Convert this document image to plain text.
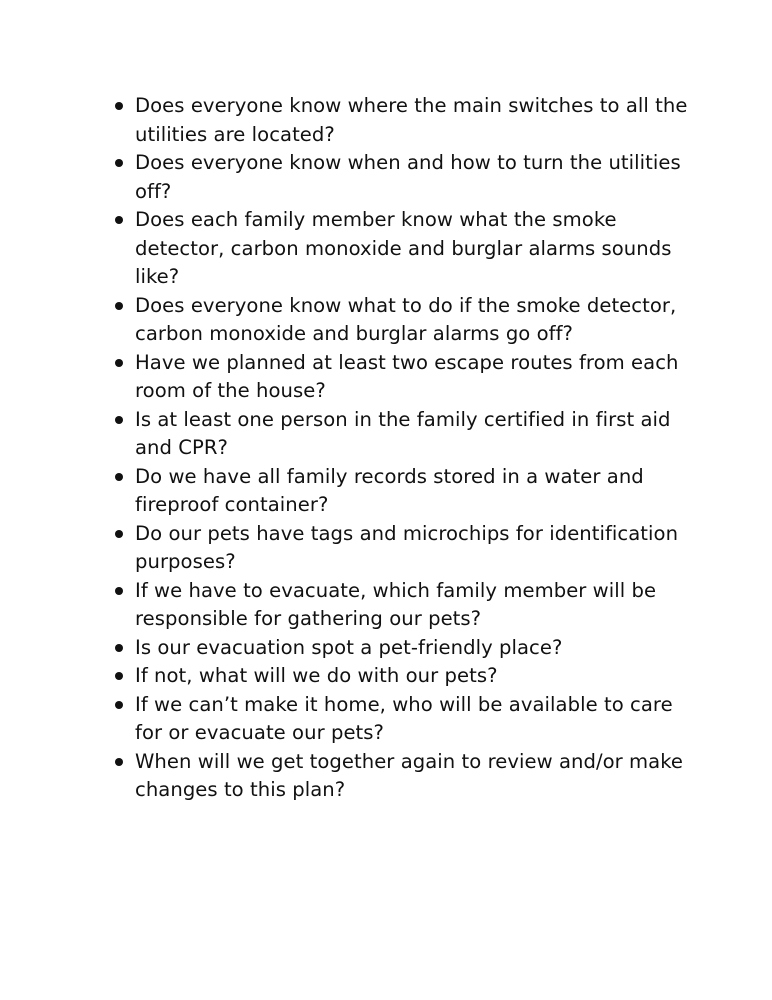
Does everyone know where the main switches to all the utilities are located?
Does everyone know when and how to turn the utilities off?
Does each family member know what the smoke detector, carbon monoxide and burglar alarms sounds like?
Does everyone know what to do if the smoke detector, carbon monoxide and burglar alarms go off?
Have we planned at least two escape routes from each room of the house?
Is at least one person in the family certified in first aid and CPR?
Do we have all family records stored in a water and fireproof container?
Do our pets have tags and microchips for identification purposes?
If we have to evacuate, which family member will be responsible for gathering our pets?
Is our evacuation spot a pet-friendly place?
If not, what will we do with our pets?
If we can’t make it home, who will be available to care for or evacuate our pets?
When will we get together again to review and/or make changes to this plan?
